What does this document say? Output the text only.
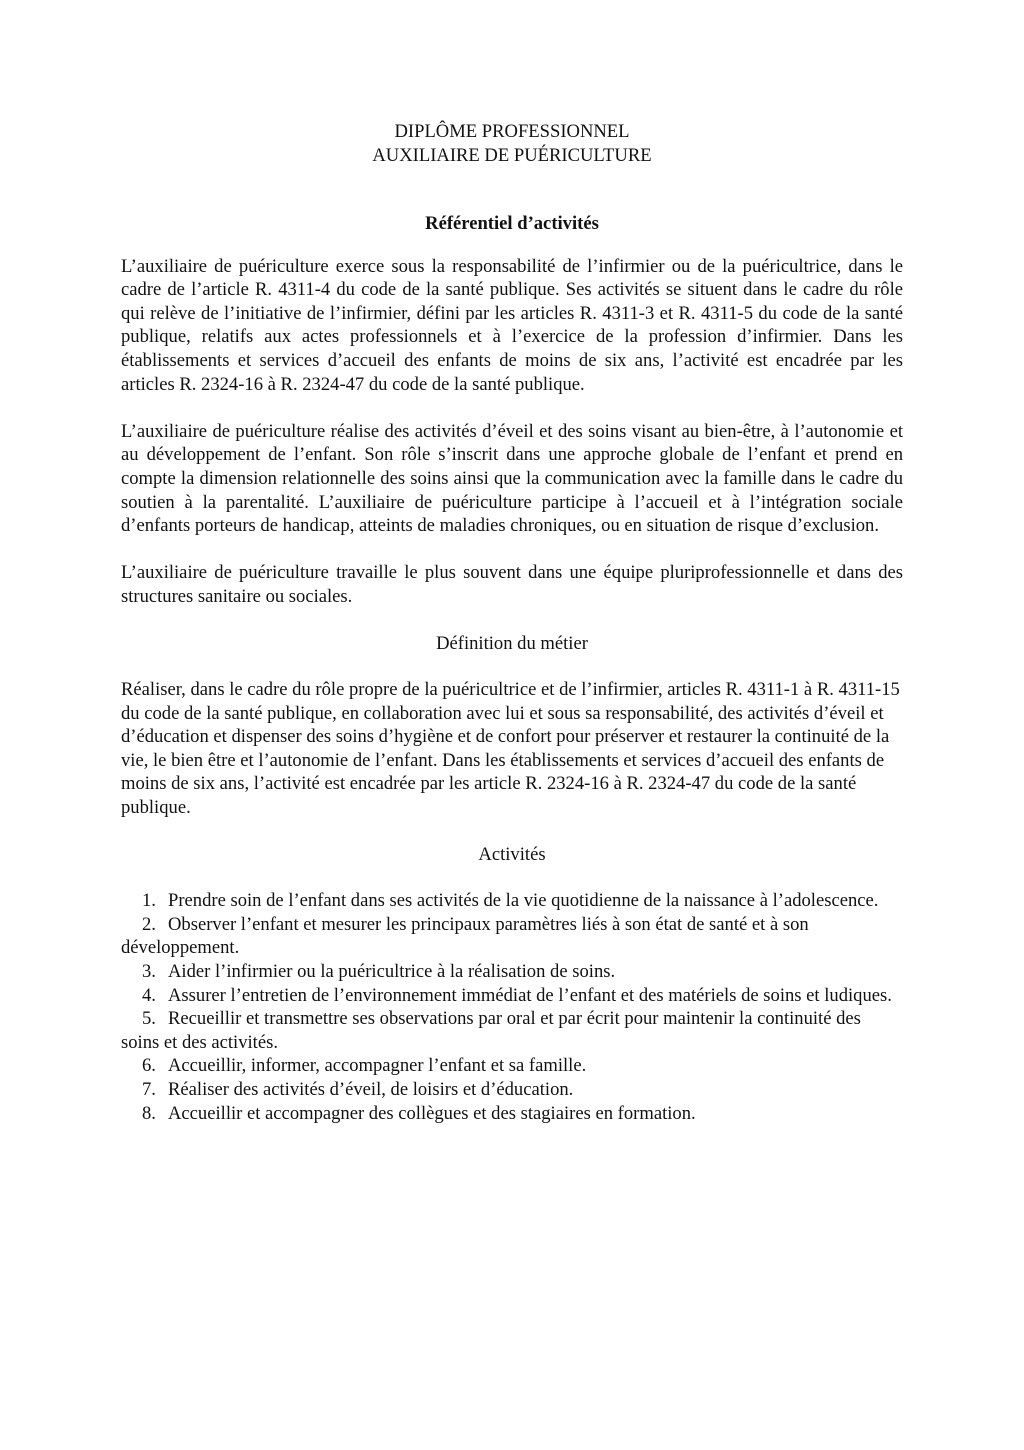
DIPLÔME PROFESSIONNEL
AUXILIAIRE DE PUÉRICULTURE
Référentiel d’activités

L’auxiliaire de puériculture exerce sous la responsabilité de l’infirmier ou de la puéricultrice, dans le cadre de l’article R. 4311-4 du code de la santé publique. Ses activités se situent dans le cadre du rôle qui relève de l’initiative de l’infirmier, défini par les articles R. 4311-3 et R. 4311-5 du code de la santé publique, relatifs aux actes professionnels et à l’exercice de la profession d’infirmier. Dans les établissements et services d’accueil des enfants de moins de six ans, l’activité est encadrée par les articles R. 2324-16 à R. 2324-47 du code de la santé publique.

L’auxiliaire de puériculture réalise des activités d’éveil et des soins visant au bien-être, à l’autonomie et au développement de l’enfant. Son rôle s’inscrit dans une approche globale de l’enfant et prend en compte la dimension relationnelle des soins ainsi que la communication avec la famille dans le cadre du soutien à la parentalité. L’auxiliaire de puériculture participe à l’accueil et à l’intégration sociale d’enfants porteurs de handicap, atteints de maladies chroniques, ou en situation de risque d’exclusion.

L’auxiliaire de puériculture travaille le plus souvent dans une équipe pluriprofessionnelle et dans des structures sanitaire ou sociales.

Définition du métier

Réaliser, dans le cadre du rôle propre de la puéricultrice et de l’infirmier, articles R. 4311-1 à R. 4311-15 du code de la santé publique, en collaboration avec lui et sous sa responsabilité, des activités d’éveil et d’éducation et dispenser des soins d’hygiène et de confort pour préserver et restaurer la continuité de la vie, le bien être et l’autonomie de l’enfant. Dans les établissements et services d’accueil des enfants de moins de six ans, l’activité est encadrée par les article R. 2324-16 à R. 2324-47 du code de la santé publique.

Activités
1. Prendre soin de l’enfant dans ses activités de la vie quotidienne de la naissance à l’adolescence.
2. Observer l’enfant et mesurer les principaux paramètres liés à son état de santé et à son développement.
3. Aider l’infirmier ou la puéricultrice à la réalisation de soins.
4. Assurer l’entretien de l’environnement immédiat de l’enfant et des matériels de soins et ludiques.
5. Recueillir et transmettre ses observations par oral et par écrit pour maintenir la continuité des soins et des activités.
6. Accueillir, informer, accompagner l’enfant et sa famille.
7. Réaliser des activités d’éveil, de loisirs et d’éducation.
8. Accueillir et accompagner des collègues et des stagiaires en formation.
